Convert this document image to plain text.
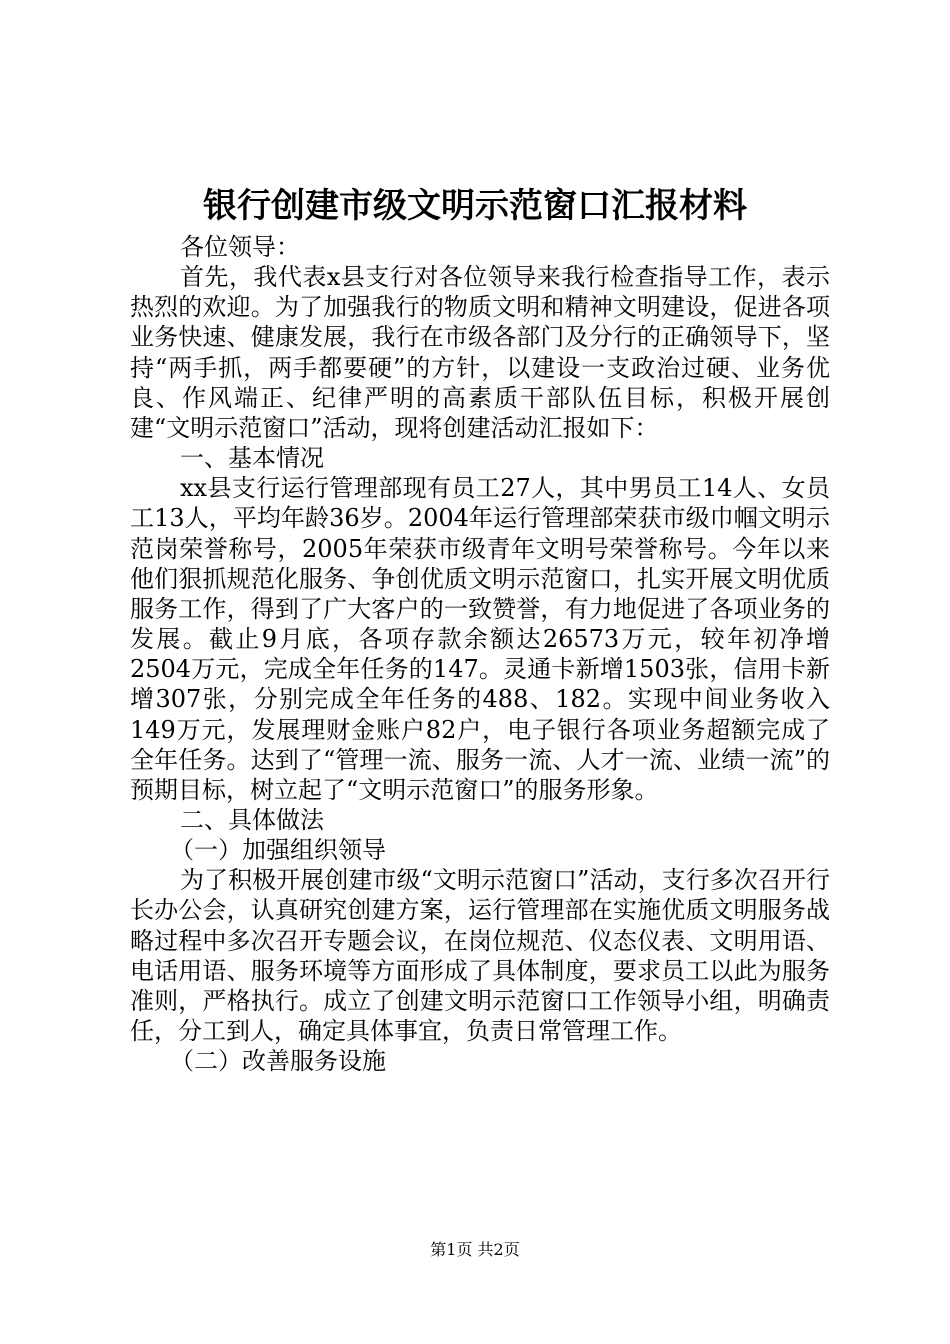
银行创建市级文明示范窗口汇报材料

各位领导：

首先，我代表x县支行对各位领导来我行检查指导工作，表示热烈的欢迎。为了加强我行的物质文明和精神文明建设，促进各项业务快速、健康发展，我行在市级各部门及分行的正确领导下，坚持“两手抓，两手都要硬”的方针，以建设一支政治过硬、业务优良、作风端正、纪律严明的高素质干部队伍目标，积极开展创建“文明示范窗口”活动，现将创建活动汇报如下：

一、基本情况

xx县支行运行管理部现有员工27人，其中男员工14人、女员工13人，平均年龄36岁。2004年运行管理部荣获市级巾帼文明示范岗荣誉称号，2005年荣获市级青年文明号荣誉称号。今年以来他们狠抓规范化服务、争创优质文明示范窗口，扎实开展文明优质服务工作，得到了广大客户的一致赞誉，有力地促进了各项业务的发展。截止9月底，各项存款余额达26573万元，较年初净增2504万元，完成全年任务的147。灵通卡新增1503张，信用卡新增307张，分别完成全年任务的488、182。实现中间业务收入149万元，发展理财金账户82户，电子银行各项业务超额完成了全年任务。达到了“管理一流、服务一流、人才一流、业绩一流”的预期目标，树立起了“文明示范窗口”的服务形象。

二、具体做法

（一）加强组织领导

为了积极开展创建市级“文明示范窗口”活动，支行多次召开行长办公会，认真研究创建方案，运行管理部在实施优质文明服务战略过程中多次召开专题会议，在岗位规范、仪态仪表、文明用语、电话用语、服务环境等方面形成了具体制度，要求员工以此为服务准则，严格执行。成立了创建文明示范窗口工作领导小组，明确责任，分工到人，确定具体事宜，负责日常管理工作。

（二）改善服务设施

第1页 共2页
